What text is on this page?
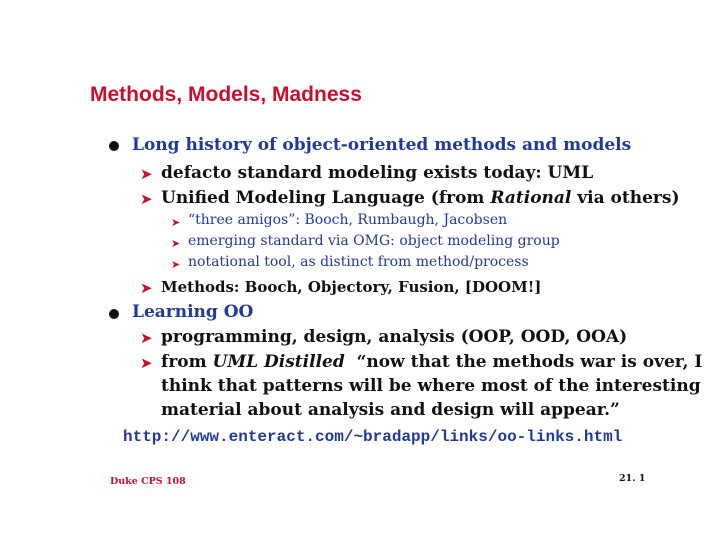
Methods, Models, Madness
Long history of object-oriented methods and models
➤ defacto standard modeling exists today: UML
➤ Unified Modeling Language (from Rational via others)
➤ “three amigos”: Booch, Rumbaugh, Jacobsen
➤ emerging standard via OMG: object modeling group
➤ notational tool, as distinct from method/process
➤ Methods: Booch, Objectory, Fusion, [DOOM!]
Learning OO
➤ programming, design, analysis (OOP, OOD, OOA)
➤ from UML Distilled  “now that the methods war is over, I
think that patterns will be where most of the interesting
material about analysis and design will appear.”
http://www.enteract.com/~bradapp/links/oo-links.html
Duke CPS 108	21. 1
